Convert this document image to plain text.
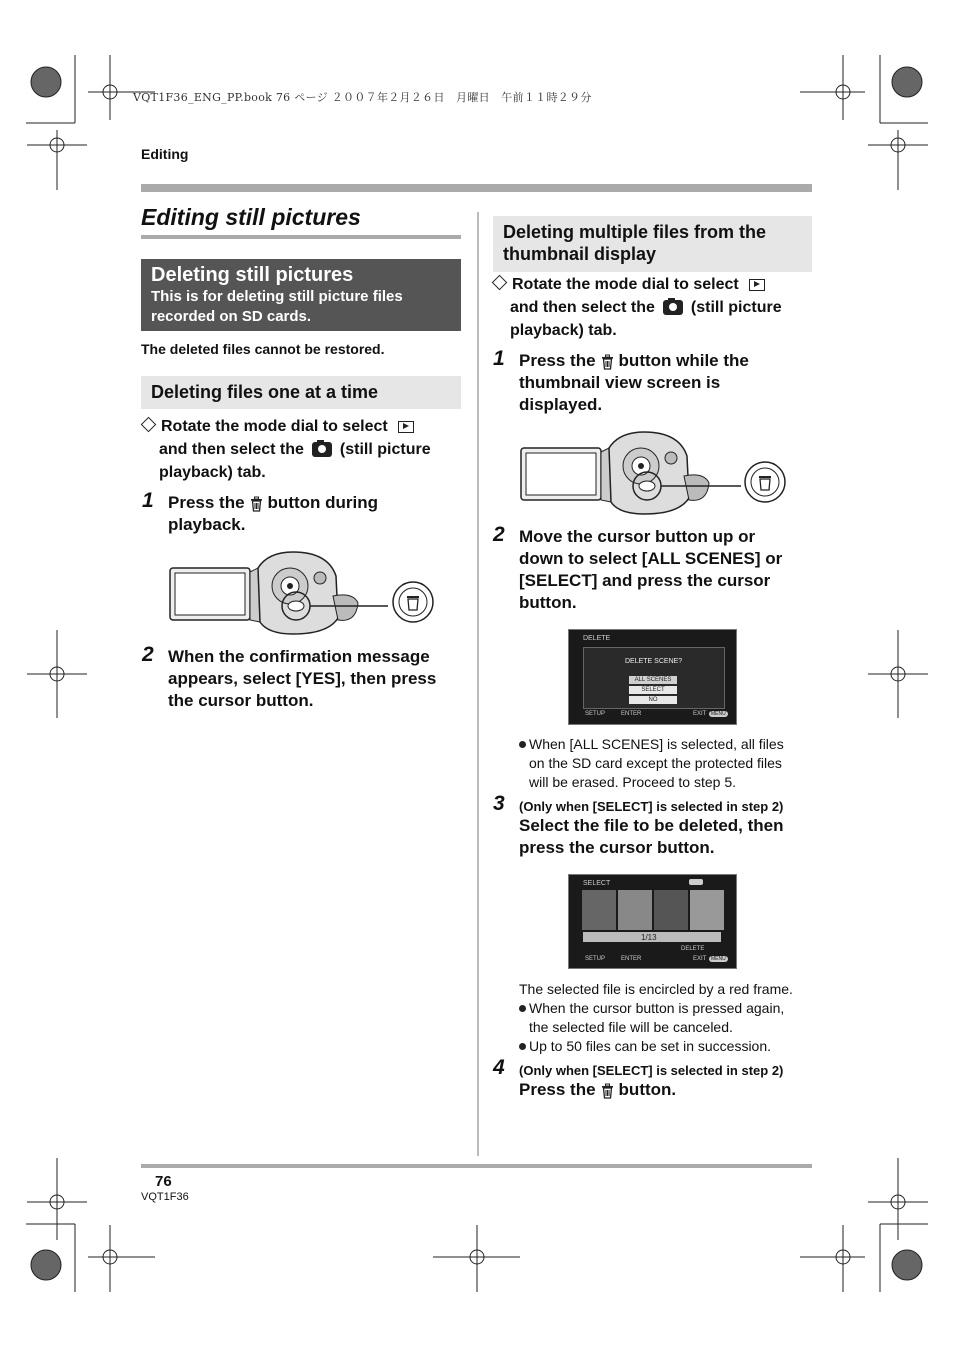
VQT1F36_ENG_PP.book 76 ページ ２００７年２月２６日　月曜日　午前１１時２９分
Editing
Editing still pictures
Deleting still pictures
This is for deleting still picture files
recorded on SD cards.
The deleted files cannot be restored.
Deleting files one at a time
Rotate the mode dial to select
and then select the (still picture
playback) tab.
1 Press the button during
playback.
2 When the confirmation message
appears, select [YES], then press
the cursor button.
Deleting multiple files from the
thumbnail display
Rotate the mode dial to select
and then select the (still picture
playback) tab.
1 Press the button while the
thumbnail view screen is
displayed.
2 Move the cursor button up or
down to select [ALL SCENES] or
[SELECT] and press the cursor
button.
DELETE
DELETE SCENE?
ALL SCENES
SELECT
NO
SETUP	ENTER	EXIT MENU
When [ALL SCENES] is selected, all files
on the SD card except the protected files
will be erased. Proceed to step 5.
3 (Only when [SELECT] is selected in step 2)
Select the file to be deleted, then
press the cursor button.
SELECT
1/13
DELETE
SETUP	ENTER	EXIT MENU
The selected file is encircled by a red frame.
When the cursor button is pressed again,
the selected file will be canceled.
Up to 50 files can be set in succession.
4 (Only when [SELECT] is selected in step 2)
Press the button.
76
VQT1F36
